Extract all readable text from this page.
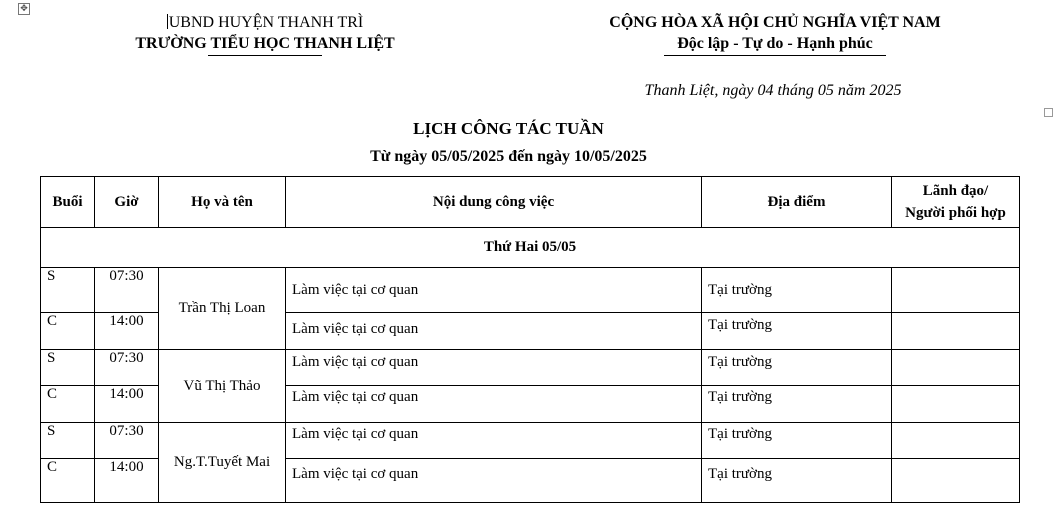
✥
UBND HUYỆN THANH TRÌ
TRƯỜNG TIỂU HỌC THANH LIỆT
CỘNG HÒA XÃ HỘI CHỦ NGHĨA VIỆT NAM
Độc lập - Tự do - Hạnh phúc
Thanh Liệt, ngày 04 tháng 05 năm 2025
LỊCH CÔNG TÁC TUẦN
Từ ngày 05/05/2025 đến ngày 10/05/2025
Buổi	Giờ	Họ và tên	Nội dung công việc	Địa điểm	Lãnh đạo/
Người phối hợp

Thứ Hai 05/05					
S	07:30	Trần Thị Loan	Làm việc tại cơ quan	Tại trường	
C	14:00		Làm việc tại cơ quan	Tại trường	
S	07:30	Vũ Thị Thảo	Làm việc tại cơ quan	Tại trường	
C	14:00		Làm việc tại cơ quan	Tại trường	
S	07:30	Ng.T.Tuyết Mai	Làm việc tại cơ quan	Tại trường	
C	14:00		Làm việc tại cơ quan	Tại trường	
